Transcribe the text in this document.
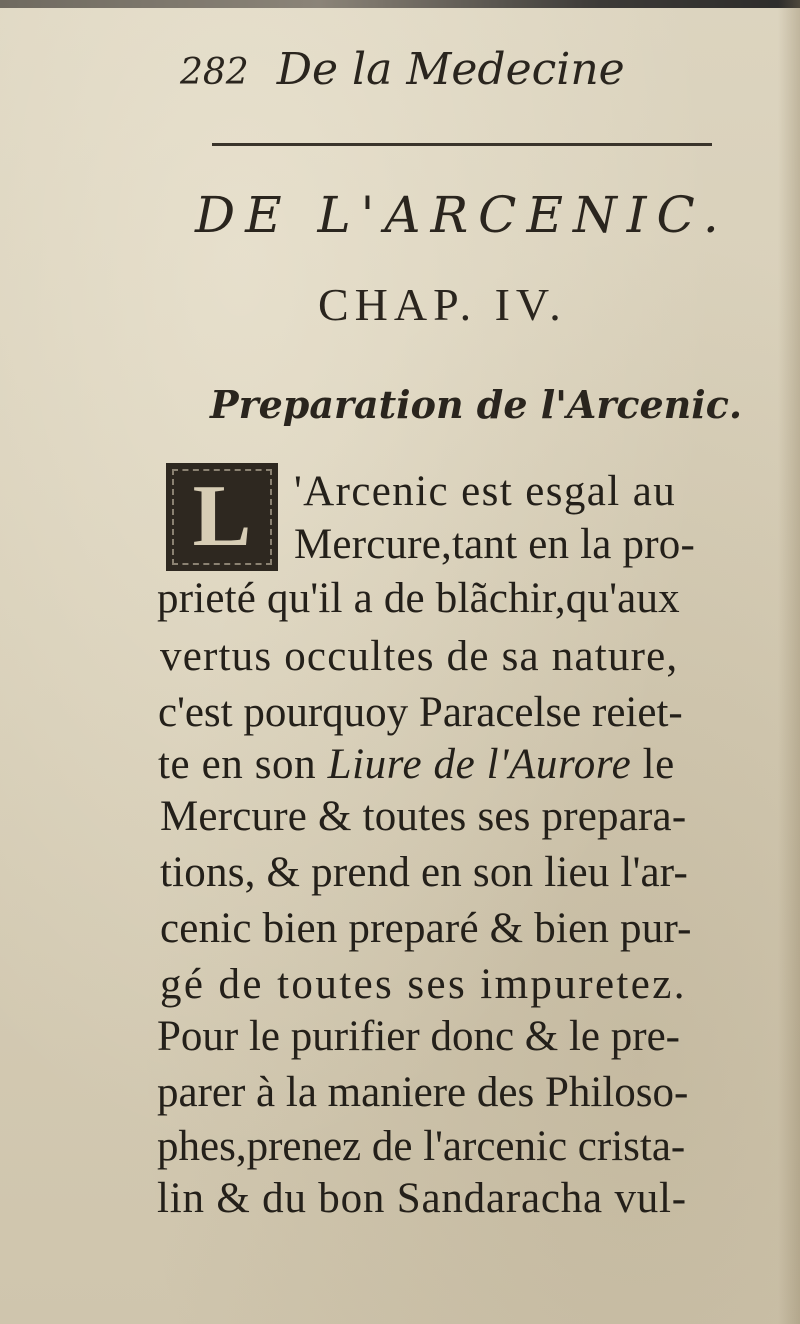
282 De la Medecine
DE L'ARCENIC.
CHAP. IV.
Preparation de l'Arcenic.
L 'Arcenic est esgal au
Mercure,tant en la pro-
prieté qu'il a de blãchir,qu'aux
vertus occultes de sa nature,
c'est pourquoy Paracelse reiet-
te en son Liure de l'Aurore le
Mercure & toutes ses prepara-
tions, & prend en son lieu l'ar-
cenic bien preparé & bien pur-
gé de toutes ses impuretez.
Pour le purifier donc & le pre-
parer à la maniere des Philoso-
phes,prenez de l'arcenic crista-
lin & du bon Sandaracha vul-
